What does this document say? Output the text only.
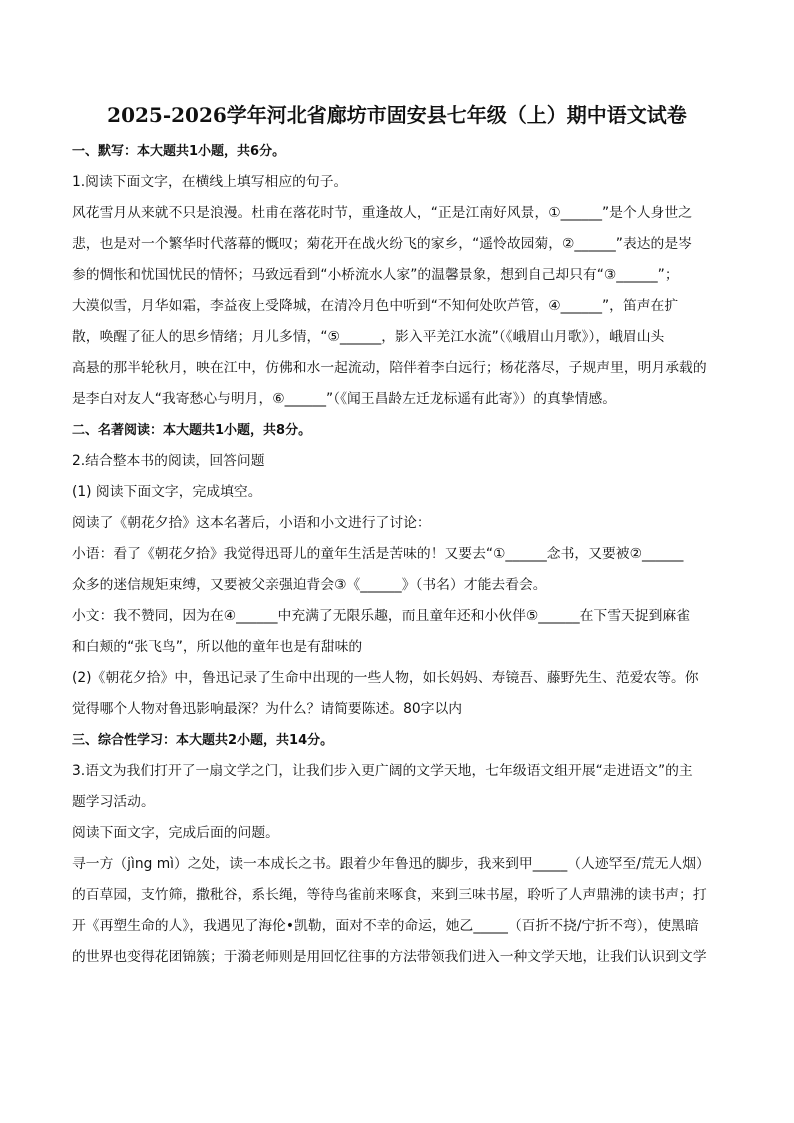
2025-2026学年河北省廊坊市固安县七年级（上）期中语文试卷
一、默写：本大题共1小题，共6分。
1.阅读下面文字，在横线上填写相应的句子。
风花雪月从来就不只是浪漫。杜甫在落花时节，重逢故人，“正是江南好风景，①______”是个人身世之
悲，也是对一个繁华时代落幕的慨叹；菊花开在战火纷飞的家乡，“遥怜故园菊，②______”表达的是岑
参的惆怅和忧国忧民的情怀；马致远看到“小桥流水人家”的温馨景象，想到自己却只有“③______”；
大漠似雪，月华如霜，李益夜上受降城，在清冷月色中听到“不知何处吹芦管，④______”，笛声在扩
散，唤醒了征人的思乡情绪；月儿多情，“⑤______，影入平羌江水流”（《峨眉山月歌》），峨眉山头
高悬的那半轮秋月，映在江中，仿佛和水一起流动，陪伴着李白远行；杨花落尽，子规声里，明月承载的
是李白对友人“我寄愁心与明月，⑥______”（《闻王昌龄左迁龙标遥有此寄》）的真挚情感。
二、名著阅读：本大题共1小题，共8分。
2.结合整本书的阅读，回答问题
(1) 阅读下面文字，完成填空。
阅读了《朝花夕拾》这本名著后，小语和小文进行了讨论：
小语：看了《朝花夕拾》我觉得迅哥儿的童年生活是苦味的！又要去“①______念书，又要被②______
众多的迷信规矩束缚，又要被父亲强迫背会③《______》（书名）才能去看会。
小文：我不赞同，因为在④______中充满了无限乐趣，而且童年还和小伙伴⑤______在下雪天捉到麻雀
和白颊的“张飞鸟”，所以他的童年也是有甜味的
(2)《朝花夕拾》中，鲁迅记录了生命中出现的一些人物，如长妈妈、寿镜吾、藤野先生、范爱农等。你
觉得哪个人物对鲁迅影响最深？为什么？请简要陈述。80字以内
三、综合性学习：本大题共2小题，共14分。
3.语文为我们打开了一扇文学之门，让我们步入更广阔的文学天地，七年级语文组开展“走进语文”的主
题学习活动。
阅读下面文字，完成后面的问题。
寻一方（jìng mì）之处，读一本成长之书。跟着少年鲁迅的脚步，我来到甲_____（人迹罕至/荒无人烟）
的百草园，支竹筛，撒秕谷，系长绳，等待鸟雀前来啄食，来到三味书屋，聆听了人声鼎沸的读书声；打
开《再塑生命的人》，我遇见了海伦•凯勒，面对不幸的命运，她乙_____（百折不挠/宁折不弯），使黑暗
的世界也变得花团锦簇；于漪老师则是用回忆往事的方法带领我们进入一种文学天地，让我们认识到文学
